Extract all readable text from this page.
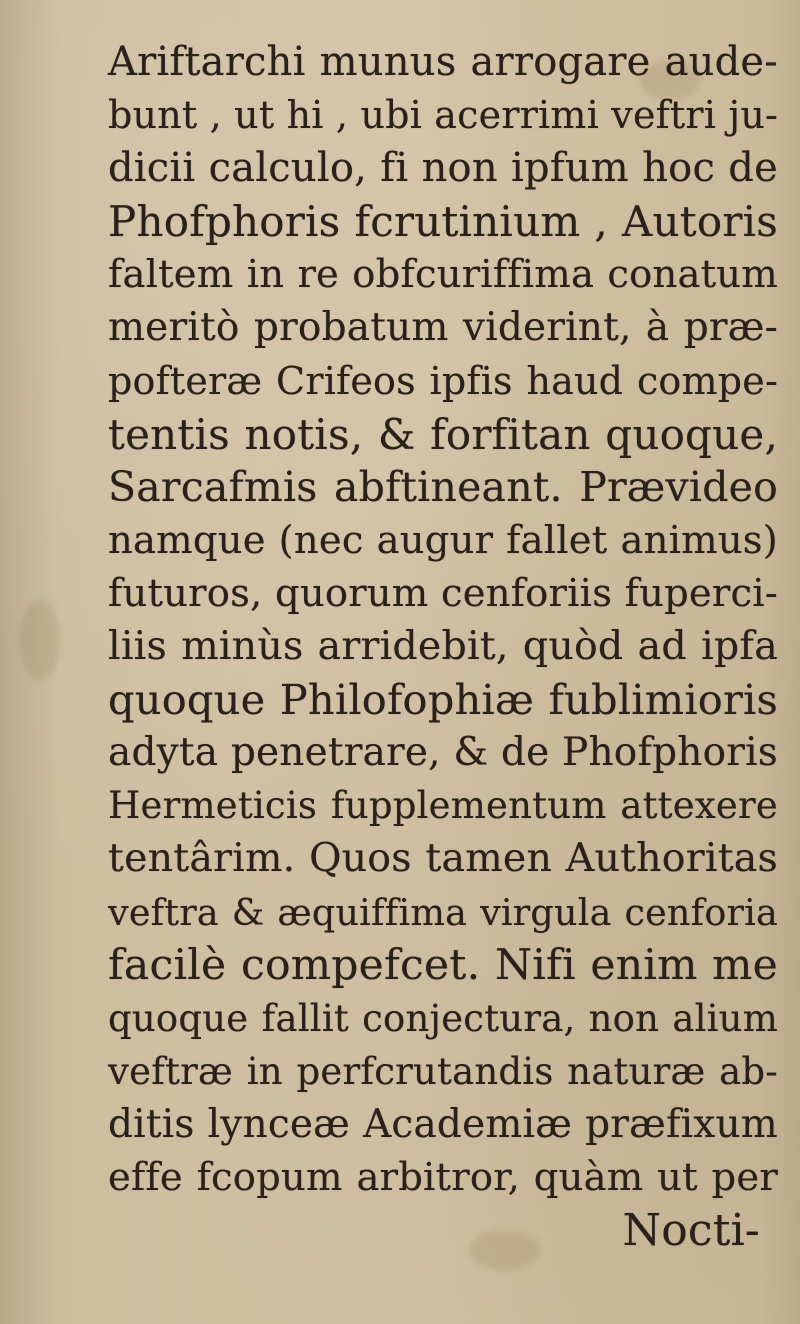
Ariftarchi munus arrogare aude-
bunt , ut hi , ubi acerrimi veftri ju-
dicii calculo, fi non ipfum hoc de
Phofphoris fcrutinium , Autoris
faltem in re obfcuriffima conatum
meritò probatum viderint, à præ-
pofteræ Crifeos ipfis haud compe-
tentis notis, & forfitan quoque,
Sarcafmis abftineant. Prævideo
namque (nec augur fallet animus)
futuros, quorum cenforiis fuperci-
liis minùs arridebit, quòd ad ipfa
quoque Philofophiæ fublimioris
adyta penetrare, & de Phofphoris
Hermeticis fupplementum attexere
tentârim. Quos tamen Authoritas
veftra & æquiffima virgula cenforia
facilè compefcet. Nifi enim me
quoque fallit conjectura, non alium
veftræ in perfcrutandis naturæ ab-
ditis lynceæ Academiæ præfixum
effe fcopum arbitror, quàm ut per
Nocti-
